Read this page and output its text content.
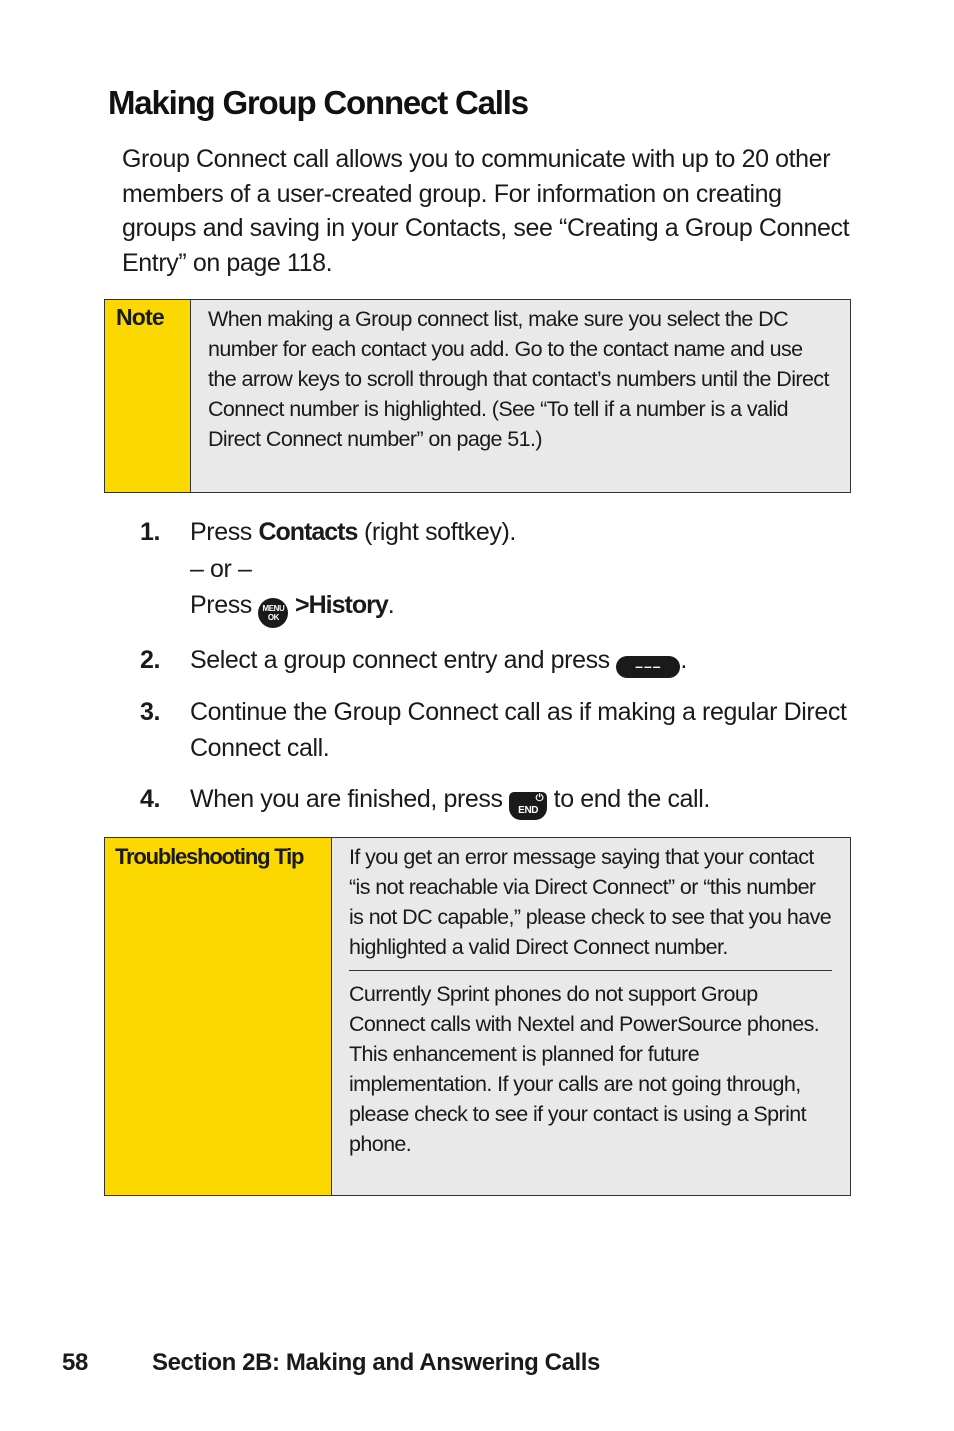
Making Group Connect Calls

Group Connect call allows you to communicate with up to 20 other members of a user-created group. For information on creating groups and saving in your Contacts, see “Creating a Group Connect Entry” on page 118.

Note	When making a Group connect list, make sure you select the DC number for each contact you add. Go to the contact name and use the arrow keys to scroll through that contact’s numbers until the Direct Connect number is highlighted. (See “To tell if a number is a valid Direct Connect number” on page 51.)
1. Press Contacts (right softkey).
– or –
Press MENU
OK >History.
2. Select a group connect entry and press ––– .
3. Continue the Group Connect call as if making a regular Direct Connect call.
4. When you are finished, press	⏻
END to end the call.
Troubleshooting Tip	If you get an error message saying that your contact “is not reachable via Direct Connect” or “this number is not DC capable,” please check to see that you have highlighted a valid Direct Connect number.
Currently Sprint phones do not support Group Connect calls with Nextel and PowerSource phones. This enhancement is planned for future implementation. If your calls are not going through, please check to see if your contact is using a Sprint phone.
58	Section 2B: Making and Answering Calls
